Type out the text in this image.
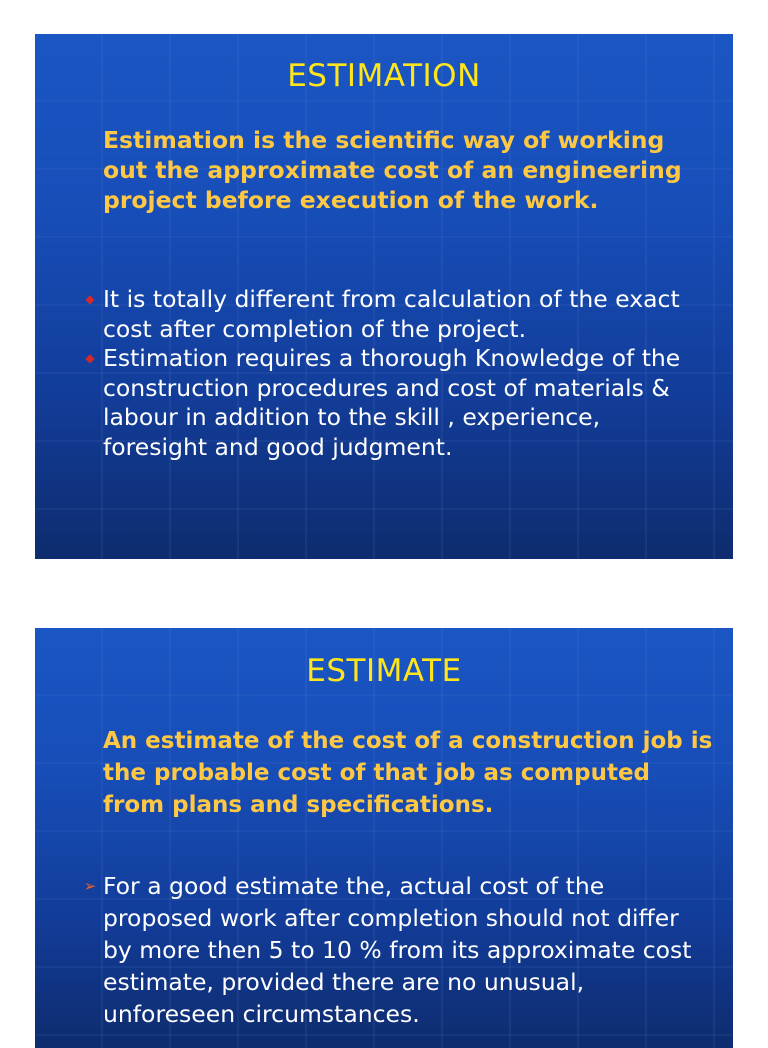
ESTIMATION
Estimation is the scientific way of working out the approximate cost of an engineering project before execution of the work.
◆ It is totally different from calculation of the exact cost after completion of the project.
◆ Estimation requires a thorough Knowledge of the construction procedures and cost of materials & labour in addition to the skill , experience, foresight and good judgment.
ESTIMATE
An estimate of the cost of a construction job is the probable cost of that job as computed from plans and specifications.
➢ For a good estimate the, actual cost of the proposed work after completion should not differ by more then 5 to 10 % from its approximate cost estimate, provided there are no unusual, unforeseen circumstances.
